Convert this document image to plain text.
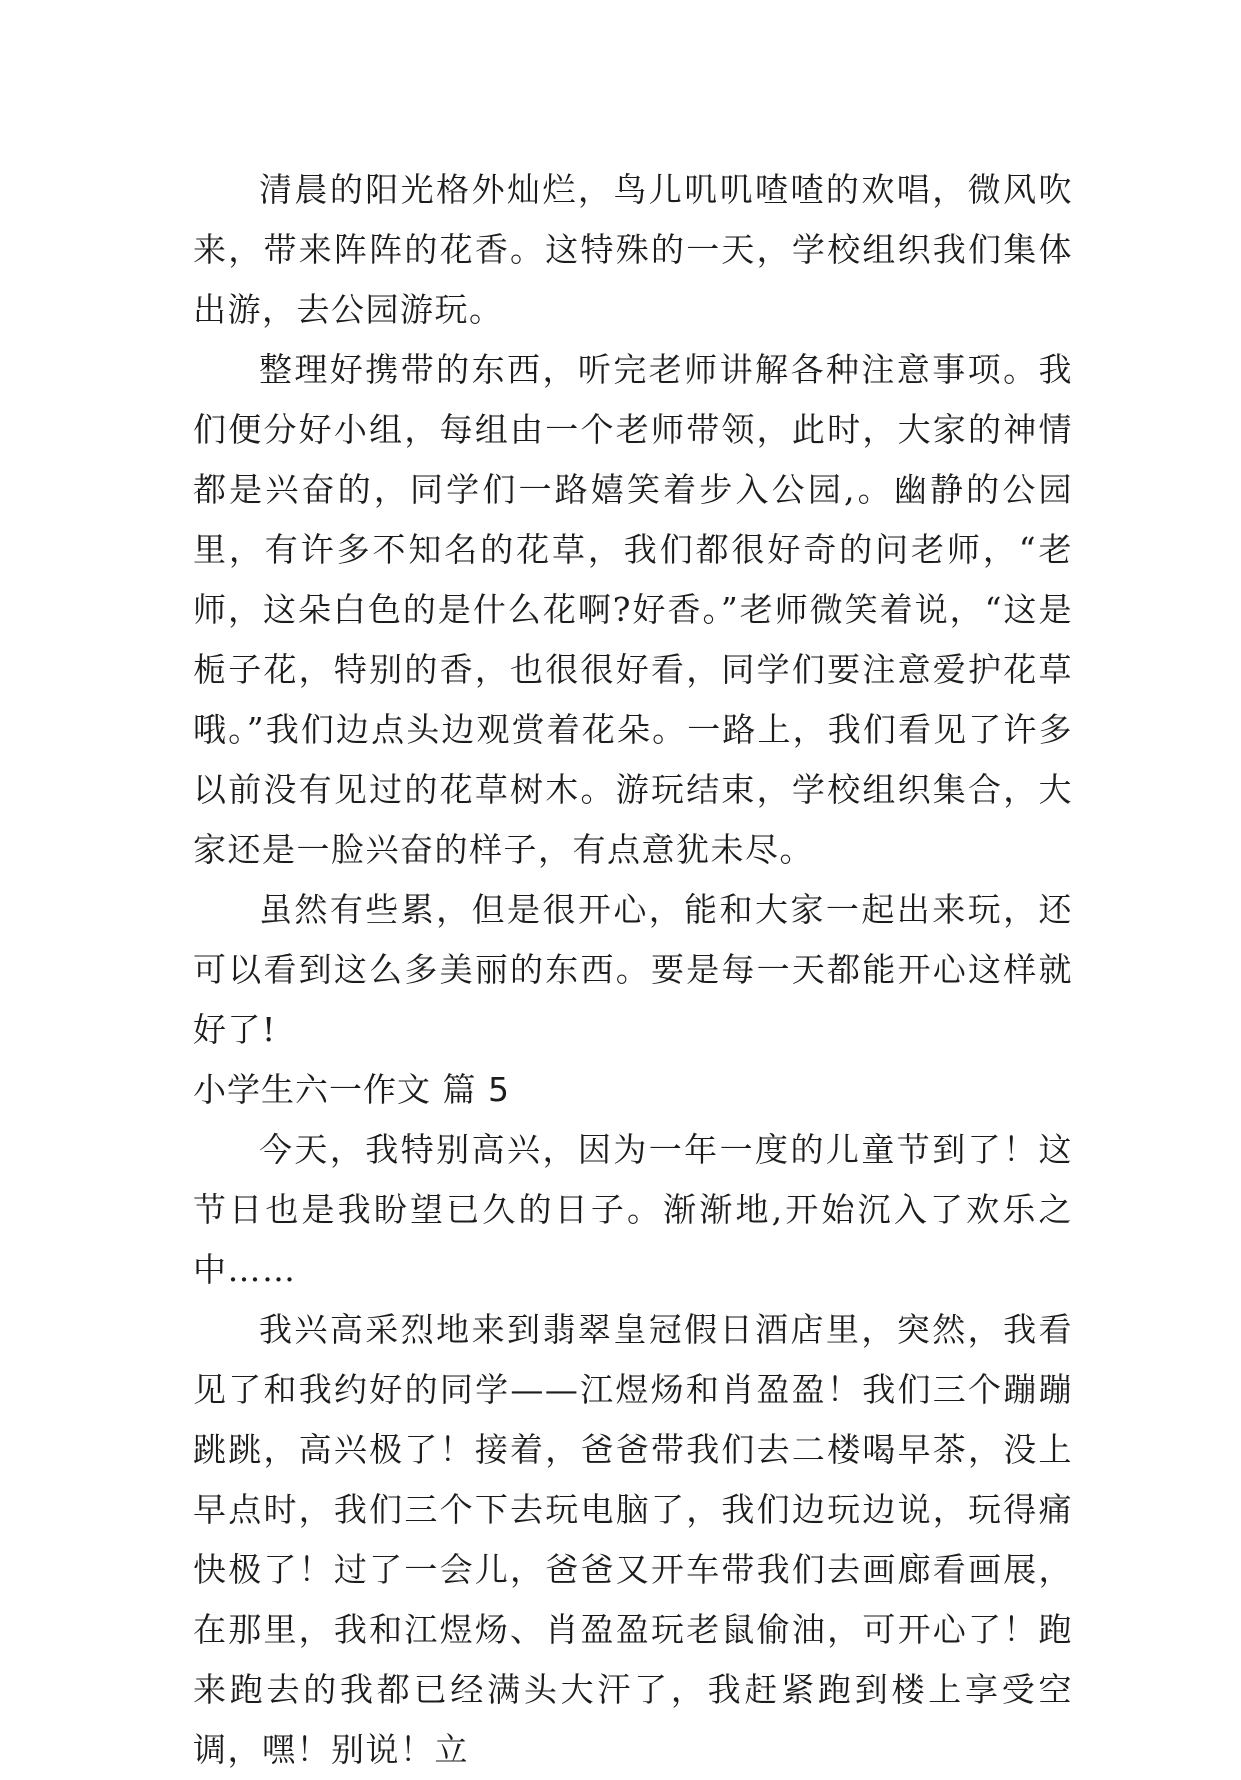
清晨的阳光格外灿烂，鸟儿叽叽喳喳的欢唱，微风吹来，带来阵阵的花香。这特殊的一天，学校组织我们集体出游，去公园游玩。

整理好携带的东西，听完老师讲解各种注意事项。我们便分好小组，每组由一个老师带领，此时，大家的神情都是兴奋的，同学们一路嬉笑着步入公园,。幽静的公园里，有许多不知名的花草，我们都很好奇的问老师，“老师，这朵白色的是什么花啊?好香。”老师微笑着说，“这是栀子花，特别的香，也很很好看，同学们要注意爱护花草哦。”我们边点头边观赏着花朵。一路上，我们看见了许多以前没有见过的花草树木。游玩结束，学校组织集合，大家还是一脸兴奋的样子，有点意犹未尽。

虽然有些累，但是很开心，能和大家一起出来玩，还可以看到这么多美丽的东西。要是每一天都能开心这样就好了!

小学生六一作文 篇 5

今天，我特别高兴，因为一年一度的儿童节到了！这节日也是我盼望已久的日子。渐渐地,开始沉入了欢乐之中……

我兴高采烈地来到翡翠皇冠假日酒店里，突然，我看见了和我约好的同学——江煜炀和肖盈盈！我们三个蹦蹦跳跳，高兴极了！接着，爸爸带我们去二楼喝早茶，没上早点时，我们三个下去玩电脑了，我们边玩边说，玩得痛快极了！过了一会儿，爸爸又开车带我们去画廊看画展，在那里，我和江煜炀、肖盈盈玩老鼠偷油，可开心了！跑来跑去的我都已经满头大汗了，我赶紧跑到楼上享受空调，嘿！别说！立
